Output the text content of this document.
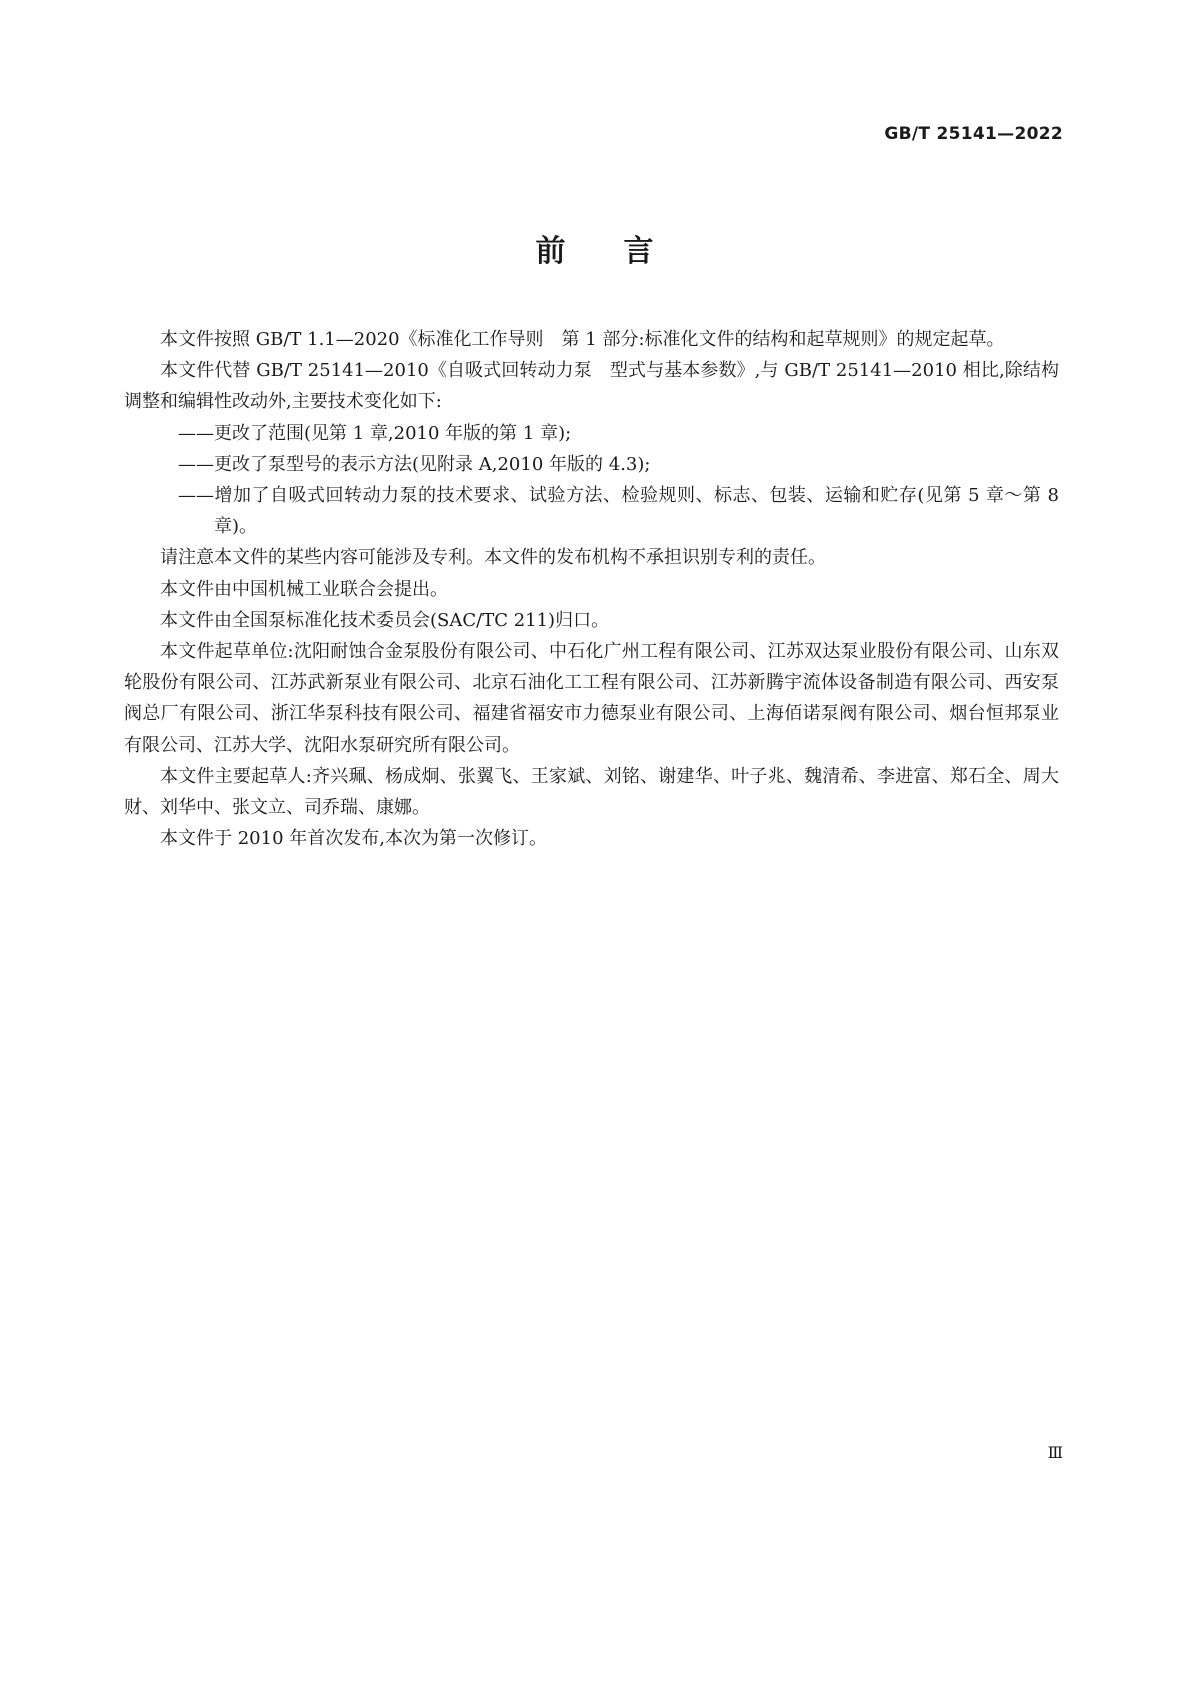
GB/T 25141—2022
前 言

本文件按照 GB/T 1.1—2020《标准化工作导则　第 1 部分:标准化文件的结构和起草规则》的规定起草。

本文件代替 GB/T 25141—2010《自吸式回转动力泵　型式与基本参数》,与 GB/T 25141—2010 相比,除结构调整和编辑性改动外,主要技术变化如下:

——更改了范围(见第 1 章,2010 年版的第 1 章);

——更改了泵型号的表示方法(见附录 A,2010 年版的 4.3);

——增加了自吸式回转动力泵的技术要求、试验方法、检验规则、标志、包装、运输和贮存(见第 5 章～第 8 章)。

请注意本文件的某些内容可能涉及专利。本文件的发布机构不承担识别专利的责任。

本文件由中国机械工业联合会提出。

本文件由全国泵标准化技术委员会(SAC/TC 211)归口。

本文件起草单位:沈阳耐蚀合金泵股份有限公司、中石化广州工程有限公司、江苏双达泵业股份有限公司、山东双轮股份有限公司、江苏武新泵业有限公司、北京石油化工工程有限公司、江苏新腾宇流体设备制造有限公司、西安泵阀总厂有限公司、浙江华泵科技有限公司、福建省福安市力德泵业有限公司、上海佰诺泵阀有限公司、烟台恒邦泵业有限公司、江苏大学、沈阳水泵研究所有限公司。

本文件主要起草人:齐兴珮、杨成炯、张翼飞、王家斌、刘铭、谢建华、叶子兆、魏清希、李进富、郑石全、周大财、刘华中、张文立、司乔瑞、康娜。

本文件于 2010 年首次发布,本次为第一次修订。

Ⅲ
